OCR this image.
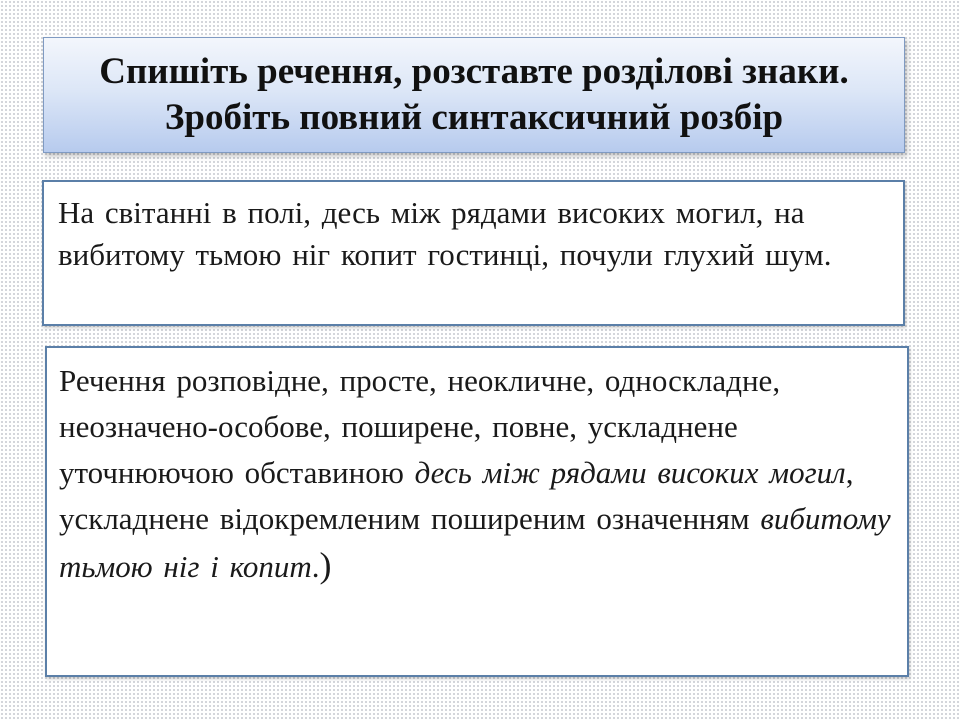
Спишіть речення, розставте розділові знаки.
Зробіть повний синтаксичний розбір

На світанні в полі, десь між рядами високих могил, на вибитому тьмою ніг копит гостинці, почули глухий шум.

Речення розповідне, просте, неокличне, односкладне, неозначено-особове, поширене, повне, ускладнене уточнюючою обставиною десь між рядами високих могил, ускладнене відокремленим поширеним означенням вибитому тьмою ніг і копит.)
